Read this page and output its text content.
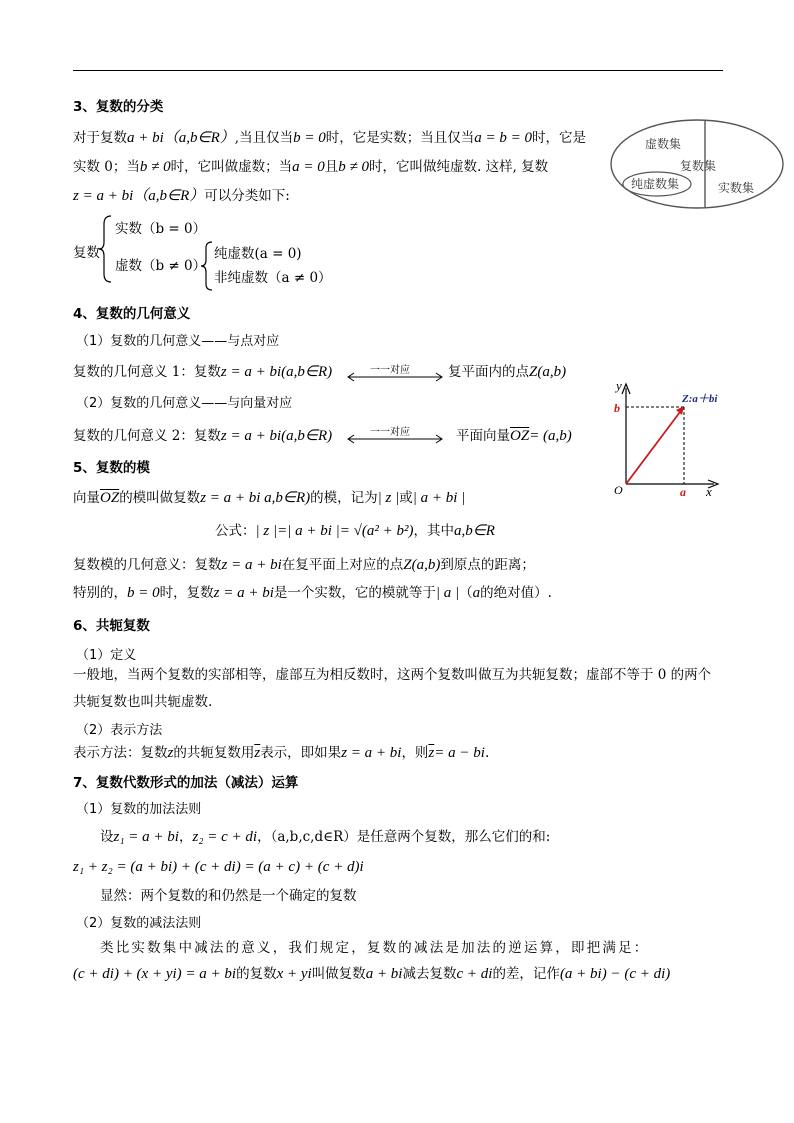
3、复数的分类
对于复数a + bi（a,b∈R）,当且仅当b = 0时，它是实数；当且仅当a = b = 0时，它是
实数 0；当b ≠ 0时，它叫做虚数；当a = 0且b ≠ 0时，它叫做纯虚数. 这样, 复数
z = a + bi（a,b∈R）可以分类如下:
复数
实数（b = 0）
虚数（b ≠ 0）
纯虚数(a = 0)
非纯虚数（a ≠ 0）
虚数集
复数集
纯虚数集	实数集
4、复数的几何意义
（1）复数的几何意义——与点对应
复数的几何意义 1：复数z = a + bi(a,b∈R)	一一对应	复平面内的点Z(a,b)
（2）复数的几何意义——与向量对应
复数的几何意义 2：复数z = a + bi(a,b∈R)	一一对应	平面向量$\overline{OZ}= (a,b)$
y
x
O	a
b
Z:a＋bi
5、复数的模
向量$\overline{OZ}$的模叫做复数z = a + bi a,b∈R)的模，记为| z |或| a + bi |
公式：| z |=| a + bi |= √(a² + b²)，其中a,b∈R
复数模的几何意义：复数z = a + bi在复平面上对应的点Z(a,b)到原点的距离；
特别的，b = 0时，复数z = a + bi是一个实数，它的模就等于| a |（a的绝对值）.
6、共轭复数
（1）定义
一般地，当两个复数的实部相等，虚部互为相反数时，这两个复数叫做互为共轭复数；虚部不等于 0 的两个共轭复数也叫共轭虚数.
（2）表示方法
表示方法：复数z的共轭复数用$\overline{z}$表示，即如果z = a + bi，则$\overline{z}= a$ − bi.
7、复数代数形式的加法（减法）运算
（1）复数的加法法则
设z₁ = a + bi，z₂ = c + di，（a,b,c,d∈R）是任意两个复数，那么它们的和:
z₁ + z₂ = (a + bi) + (c + di) = (a + c) + (c + d)i
显然：两个复数的和仍然是一个确定的复数
（2）复数的减法法则
类比实数集中减法的意义，我们规定，复数的减法是加法的逆运算，即把满足：
(c + di) + (x + yi) = a + bi的复数x + yi叫做复数a + bi减去复数c + di的差，记作(a + bi) − (c + di)
